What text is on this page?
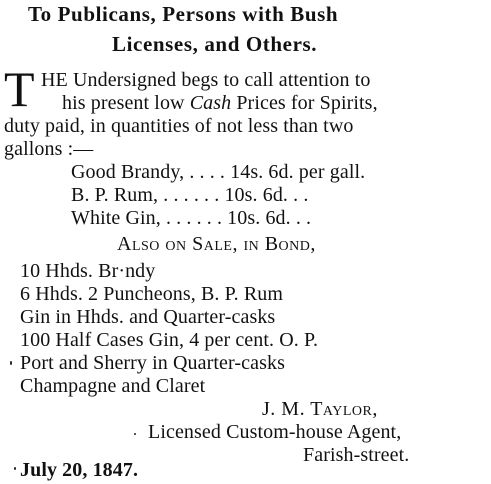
To Publicans, Persons with Bush
Licenses, and Others.
T HE Undersigned begs to call attention to
his present low Cash Prices for Spirits,
duty paid, in quantities of not less than two
gallons :—
Good Brandy, . . . . 14s. 6d. per gall.
B. P. Rum, . . . . . . 10s. 6d. . .
White Gin, . . . . . . 10s. 6d. . .
Also on Sale, in Bond,
10 Hhds. Br·ndy
6 Hhds. 2 Puncheons, B. P. Rum
Gin in Hhds. and Quarter-casks
100 Half Cases Gin, 4 per cent. O. P.
Port and Sherry in Quarter-casks
Champagne and Claret
J. M. Taylor,
Licensed Custom-house Agent,
Farish-street.
July 20, 1847.
